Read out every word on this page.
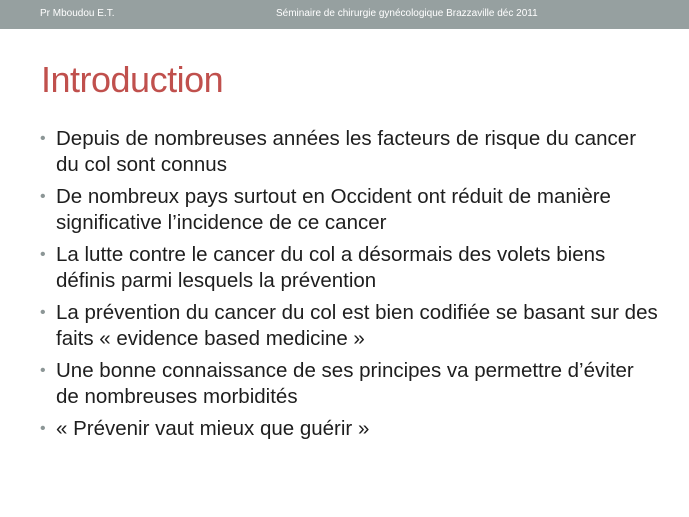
Pr Mboudou E.T.	Séminaire de chirurgie gynécologique Brazzaville déc 2011
Introduction
• Depuis de nombreuses années les facteurs de risque du cancer du col sont connus
• De nombreux pays surtout en Occident ont réduit de manière significative l’incidence de ce cancer
• La lutte contre le cancer du col a désormais des volets biens définis parmi lesquels la prévention
• La prévention du cancer du col est bien codifiée se basant sur des faits « evidence based medicine »
• Une bonne connaissance de ses principes va permettre d’éviter de nombreuses morbidités
• « Prévenir vaut mieux que guérir »
